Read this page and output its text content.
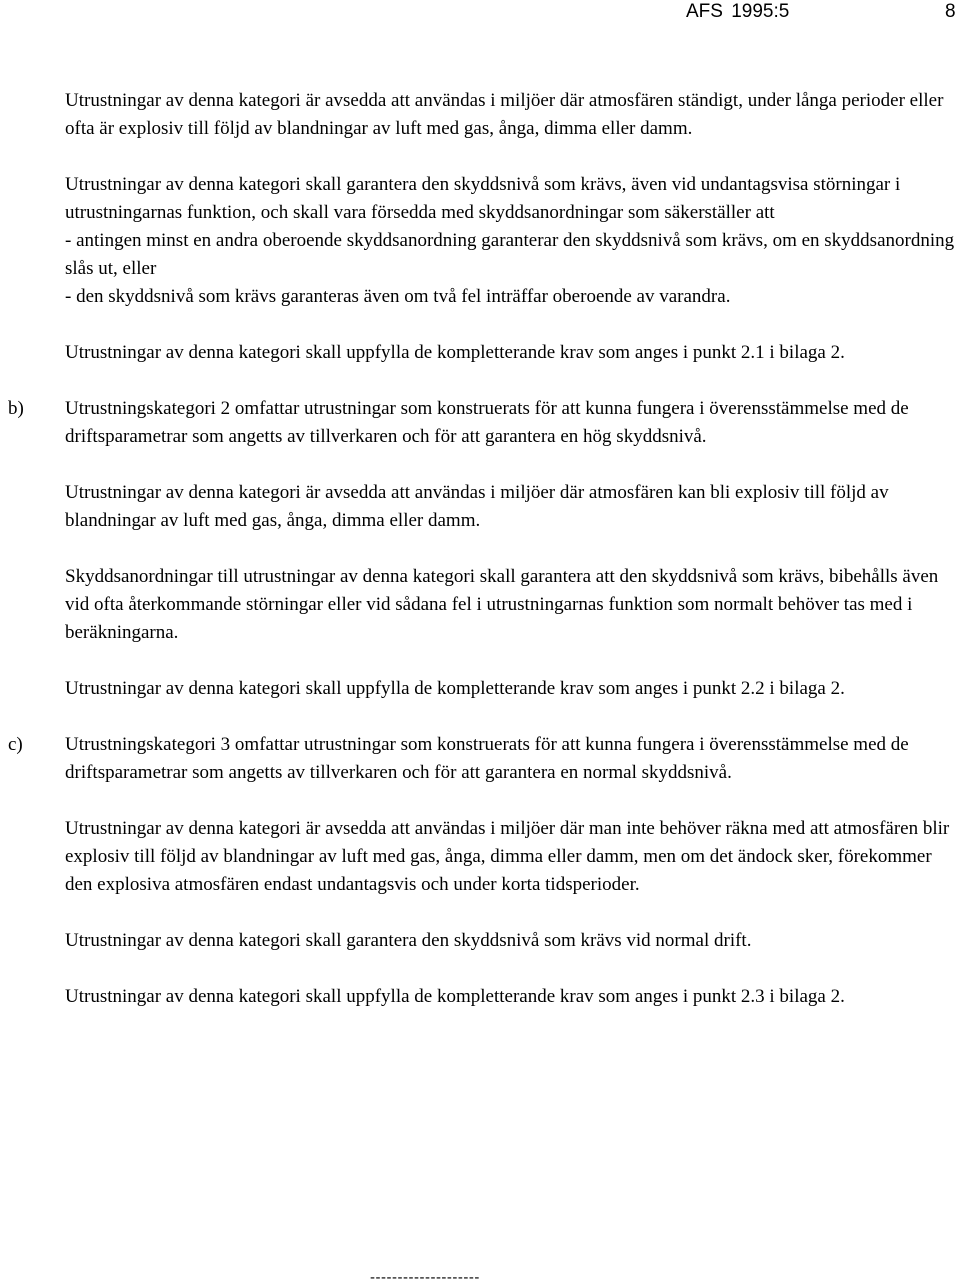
AFS 1995:5	8

Utrustningar av denna kategori är avsedda att användas i miljöer där atmosfären ständigt, under långa perioder eller ofta är explosiv till följd av blandningar av luft med gas, ånga, dimma eller damm.

Utrustningar av denna kategori skall garantera den skyddsnivå som krävs, även vid undantagsvisa störningar i utrustningarnas funktion, och skall vara försedda med skyddsanordningar som säkerställer att

- antingen minst en andra oberoende skyddsanordning garanterar den skyddsnivå som krävs, om en skyddsanordning slås ut, eller

- den skyddsnivå som krävs garanteras även om två fel inträffar oberoende av varandra.

Utrustningar av denna kategori skall uppfylla de kompletterande krav som anges i punkt 2.1 i bilaga 2.

b) Utrustningskategori 2 omfattar utrustningar som konstruerats för att kunna fungera i överensstämmelse med de driftsparametrar som angetts av tillverkaren och för att garantera en hög skyddsnivå.

Utrustningar av denna kategori är avsedda att användas i miljöer där atmosfären kan bli explosiv till följd av blandningar av luft med gas, ånga, dimma eller damm.

Skyddsanordningar till utrustningar av denna kategori skall garantera att den skyddsnivå som krävs, bibehålls även vid ofta återkommande störningar eller vid sådana fel i utrustningarnas funktion som normalt behöver tas med i beräkningarna.

Utrustningar av denna kategori skall uppfylla de kompletterande krav som anges i punkt 2.2 i bilaga 2.

c) Utrustningskategori 3 omfattar utrustningar som konstruerats för att kunna fungera i överensstämmelse med de driftsparametrar som angetts av tillverkaren och för att garantera en normal skyddsnivå.

Utrustningar av denna kategori är avsedda att användas i miljöer där man inte behöver räkna med att atmosfären blir explosiv till följd av blandningar av luft med gas, ånga, dimma eller damm, men om det ändock sker, förekommer den explosiva atmosfären endast undantagsvis och under korta tidsperioder.

Utrustningar av denna kategori skall garantera den skyddsnivå som krävs vid normal drift.

Utrustningar av denna kategori skall uppfylla de kompletterande krav som anges i punkt 2.3 i bilaga 2.

--------------------
